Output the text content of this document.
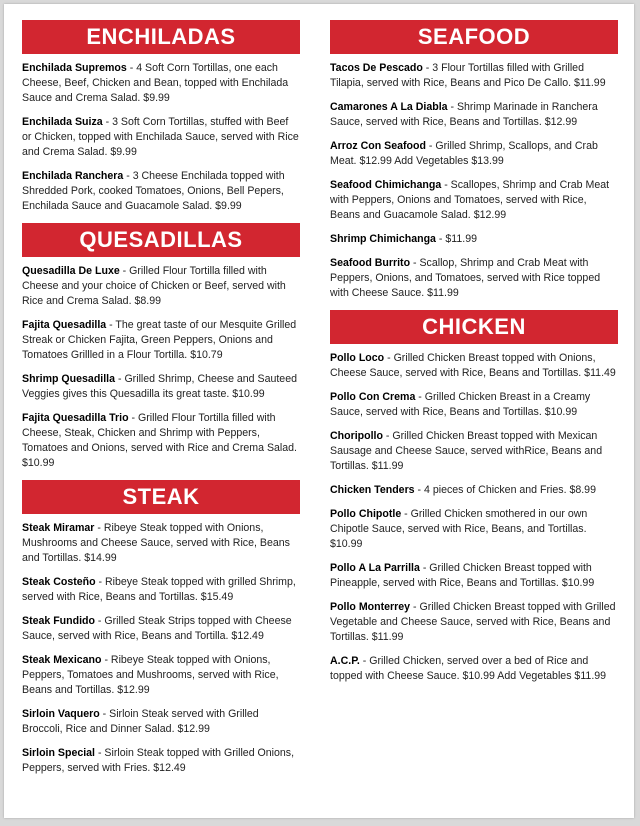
ENCHILADAS
Enchilada Supremos - 4 Soft Corn Tortillas, one each Cheese, Beef, Chicken and Bean, topped with Enchilada Sauce and Crema Salad. $9.99
Enchilada Suiza - 3 Soft Corn Tortillas, stuffed with Beef or Chicken, topped with Enchilada Sauce, served with Rice and Crema Salad. $9.99
Enchilada Ranchera - 3 Cheese Enchilada topped with Shredded Pork, cooked Tomatoes, Onions, Bell Pepers, Enchilada Sauce and Guacamole Salad. $9.99
QUESADILLAS
Quesadilla De Luxe - Grilled Flour Tortilla filled with Cheese and your choice of Chicken or Beef, served with Rice and Crema Salad. $8.99
Fajita Quesadilla - The great taste of our Mesquite Grilled Streak or Chicken Fajita, Green Peppers, Onions and Tomatoes Grillled in a Flour Tortilla. $10.79
Shrimp Quesadilla - Grilled Shrimp, Cheese and Sauteed Veggies gives this Quesadilla its great taste. $10.99
Fajita Quesadilla Trio - Grilled Flour Tortilla filled with Cheese, Steak, Chicken and Shrimp with Peppers, Tomatoes and Onions, served with Rice and Crema Salad. $10.99
STEAK
Steak Miramar - Ribeye Steak topped with Onions, Mushrooms and Cheese Sauce, served with Rice, Beans and Tortillas. $14.99
Steak Costeño - Ribeye Steak topped with grilled Shrimp, served with Rice, Beans and Tortillas. $15.49
Steak Fundido - Grilled Steak Strips topped with Cheese Sauce, served with Rice, Beans and Tortilla. $12.49
Steak Mexicano - Ribeye Steak topped with Onions, Peppers, Tomatoes and Mushrooms, served with Rice, Beans and Tortillas. $12.99
Sirloin Vaquero - Sirloin Steak served with Grilled Broccoli, Rice and Dinner Salad. $12.99
Sirloin Special - Sirloin Steak topped with Grilled Onions, Peppers, served with Fries. $12.49
SEAFOOD
Tacos De Pescado - 3 Flour Tortillas filled with Grilled Tilapia, served with Rice, Beans and Pico De Callo. $11.99
Camarones A La Diabla - Shrimp Marinade in Ranchera Sauce, served with Rice, Beans and Tortillas. $12.99
Arroz Con Seafood - Grilled Shrimp, Scallops, and Crab Meat. $12.99 Add Vegetables $13.99
Seafood Chimichanga - Scallopes, Shrimp and Crab Meat with Peppers, Onions and Tomatoes, served with Rice, Beans and Guacamole Salad. $12.99
Shrimp Chimichanga - $11.99
Seafood Burrito - Scallop, Shrimp and Crab Meat with Peppers, Onions, and Tomatoes, served with Rice topped with Cheese Sauce. $11.99
CHICKEN
Pollo Loco - Grilled Chicken Breast topped with Onions, Cheese Sauce, served with Rice, Beans and Tortillas. $11.49
Pollo Con Crema - Grilled Chicken Breast in a Creamy Sauce, served with Rice, Beans and Tortillas. $10.99
Choripollo - Grilled Chicken Breast topped with Mexican Sausage and Cheese Sauce, served withRice, Beans and Tortillas. $11.99
Chicken Tenders - 4 pieces of Chicken and Fries. $8.99
Pollo Chipotle - Grilled Chicken smothered in our own Chipotle Sauce, served with Rice, Beans, and Tortillas. $10.99
Pollo A La Parrilla - Grilled Chicken Breast topped with Pineapple, served with Rice, Beans and Tortillas. $10.99
Pollo Monterrey - Grilled Chicken Breast topped with Grilled Vegetable and Cheese Sauce, served with Rice, Beans and Tortillas. $11.99
A.C.P. - Grilled Chicken, served over a bed of Rice and topped with Cheese Sauce. $10.99 Add Vegetables $11.99
